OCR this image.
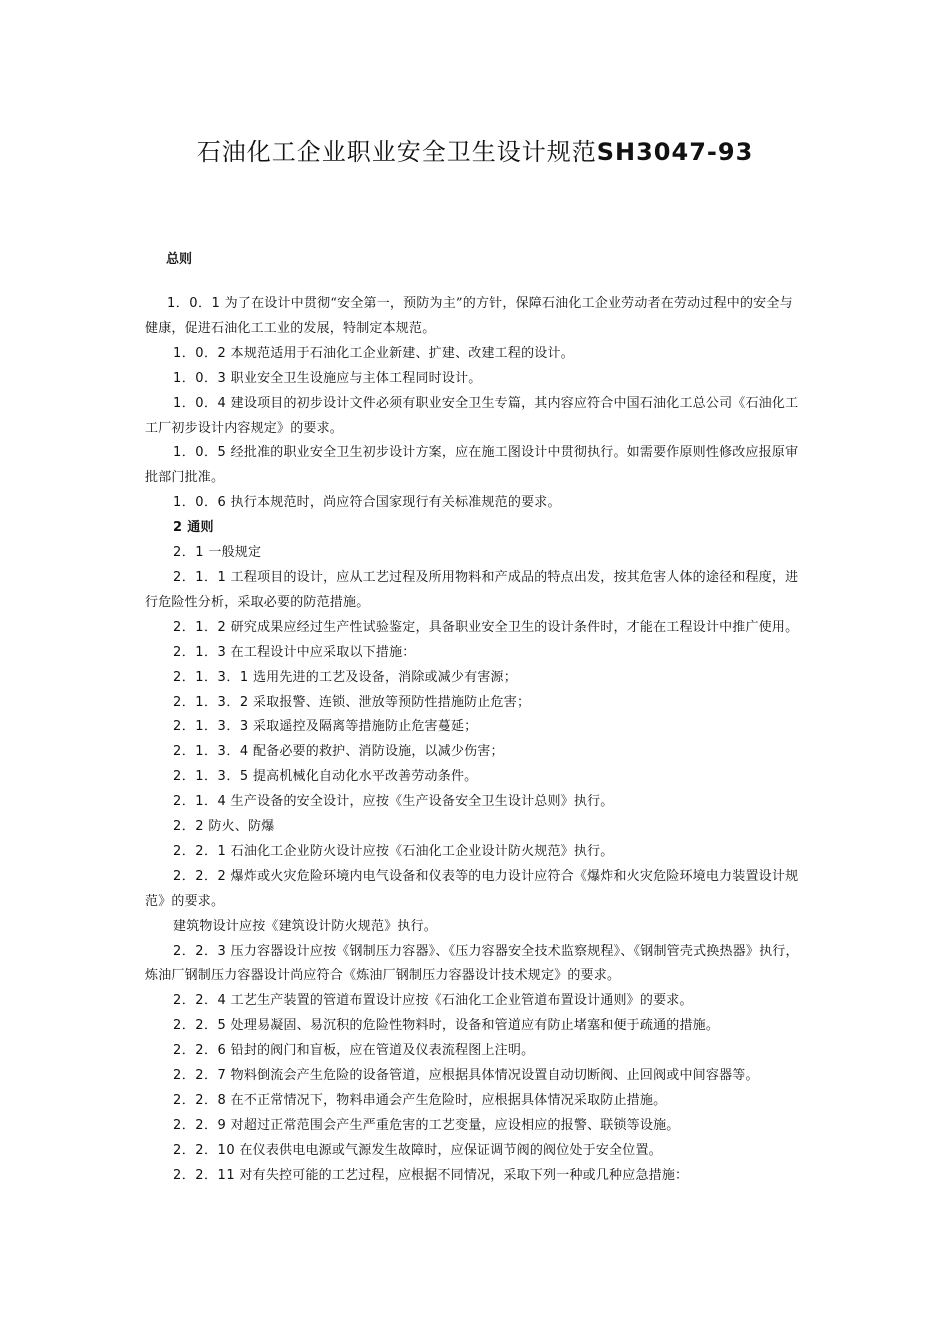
石油化工企业职业安全卫生设计规范SH3047-93
总则

1．0．1 为了在设计中贯彻“安全第一，预防为主”的方针，保障石油化工企业劳动者在劳动过程中的安全与健康，促进石油化工工业的发展，特制定本规范。

1．0．2 本规范适用于石油化工企业新建、扩建、改建工程的设计。

1．0．3 职业安全卫生设施应与主体工程同时设计。

1．0．4 建设项目的初步设计文件必须有职业安全卫生专篇，其内容应符合中国石油化工总公司《石油化工工厂初步设计内容规定》的要求。

1．0．5 经批准的职业安全卫生初步设计方案，应在施工图设计中贯彻执行。如需要作原则性修改应报原审批部门批准。

1．0．6 执行本规范时，尚应符合国家现行有关标准规范的要求。

2 通则

2．1 一般规定

2．1．1 工程项目的设计，应从工艺过程及所用物料和产成品的特点出发，按其危害人体的途径和程度，进行危险性分析，采取必要的防范措施。

2．1．2 研究成果应经过生产性试验鉴定，具备职业安全卫生的设计条件时，才能在工程设计中推广使用。

2．1．3 在工程设计中应采取以下措施：

2．1．3．1 选用先进的工艺及设备，消除或减少有害源；

2．1．3．2 采取报警、连锁、泄放等预防性措施防止危害；

2．1．3．3 采取遥控及隔离等措施防止危害蔓延；

2．1．3．4 配备必要的救护、消防设施，以减少伤害；

2．1．3．5 提高机械化自动化水平改善劳动条件。

2．1．4 生产设备的安全设计，应按《生产设备安全卫生设计总则》执行。

2．2 防火、防爆

2．2．1 石油化工企业防火设计应按《石油化工企业设计防火规范》执行。

2．2．2 爆炸或火灾危险环境内电气设备和仪表等的电力设计应符合《爆炸和火灾危险环境电力装置设计规范》的要求。

建筑物设计应按《建筑设计防火规范》执行。

2．2．3 压力容器设计应按《钢制压力容器》、《压力容器安全技术监察规程》、《钢制管壳式换热器》执行，炼油厂钢制压力容器设计尚应符合《炼油厂钢制压力容器设计技术规定》的要求。

2．2．4 工艺生产装置的管道布置设计应按《石油化工企业管道布置设计通则》的要求。

2．2．5 处理易凝固、易沉积的危险性物料时，设备和管道应有防止堵塞和便于疏通的措施。

2．2．6 铅封的阀门和盲板，应在管道及仪表流程图上注明。

2．2．7 物料倒流会产生危险的设备管道，应根据具体情况设置自动切断阀、止回阀或中间容器等。

2．2．8 在不正常情况下，物料串通会产生危险时，应根据具体情况采取防止措施。

2．2．9 对超过正常范围会产生严重危害的工艺变量，应设相应的报警、联锁等设施。

2．2．10 在仪表供电电源或气源发生故障时，应保证调节阀的阀位处于安全位置。

2．2．11 对有失控可能的工艺过程，应根据不同情况，采取下列一种或几种应急措施：
